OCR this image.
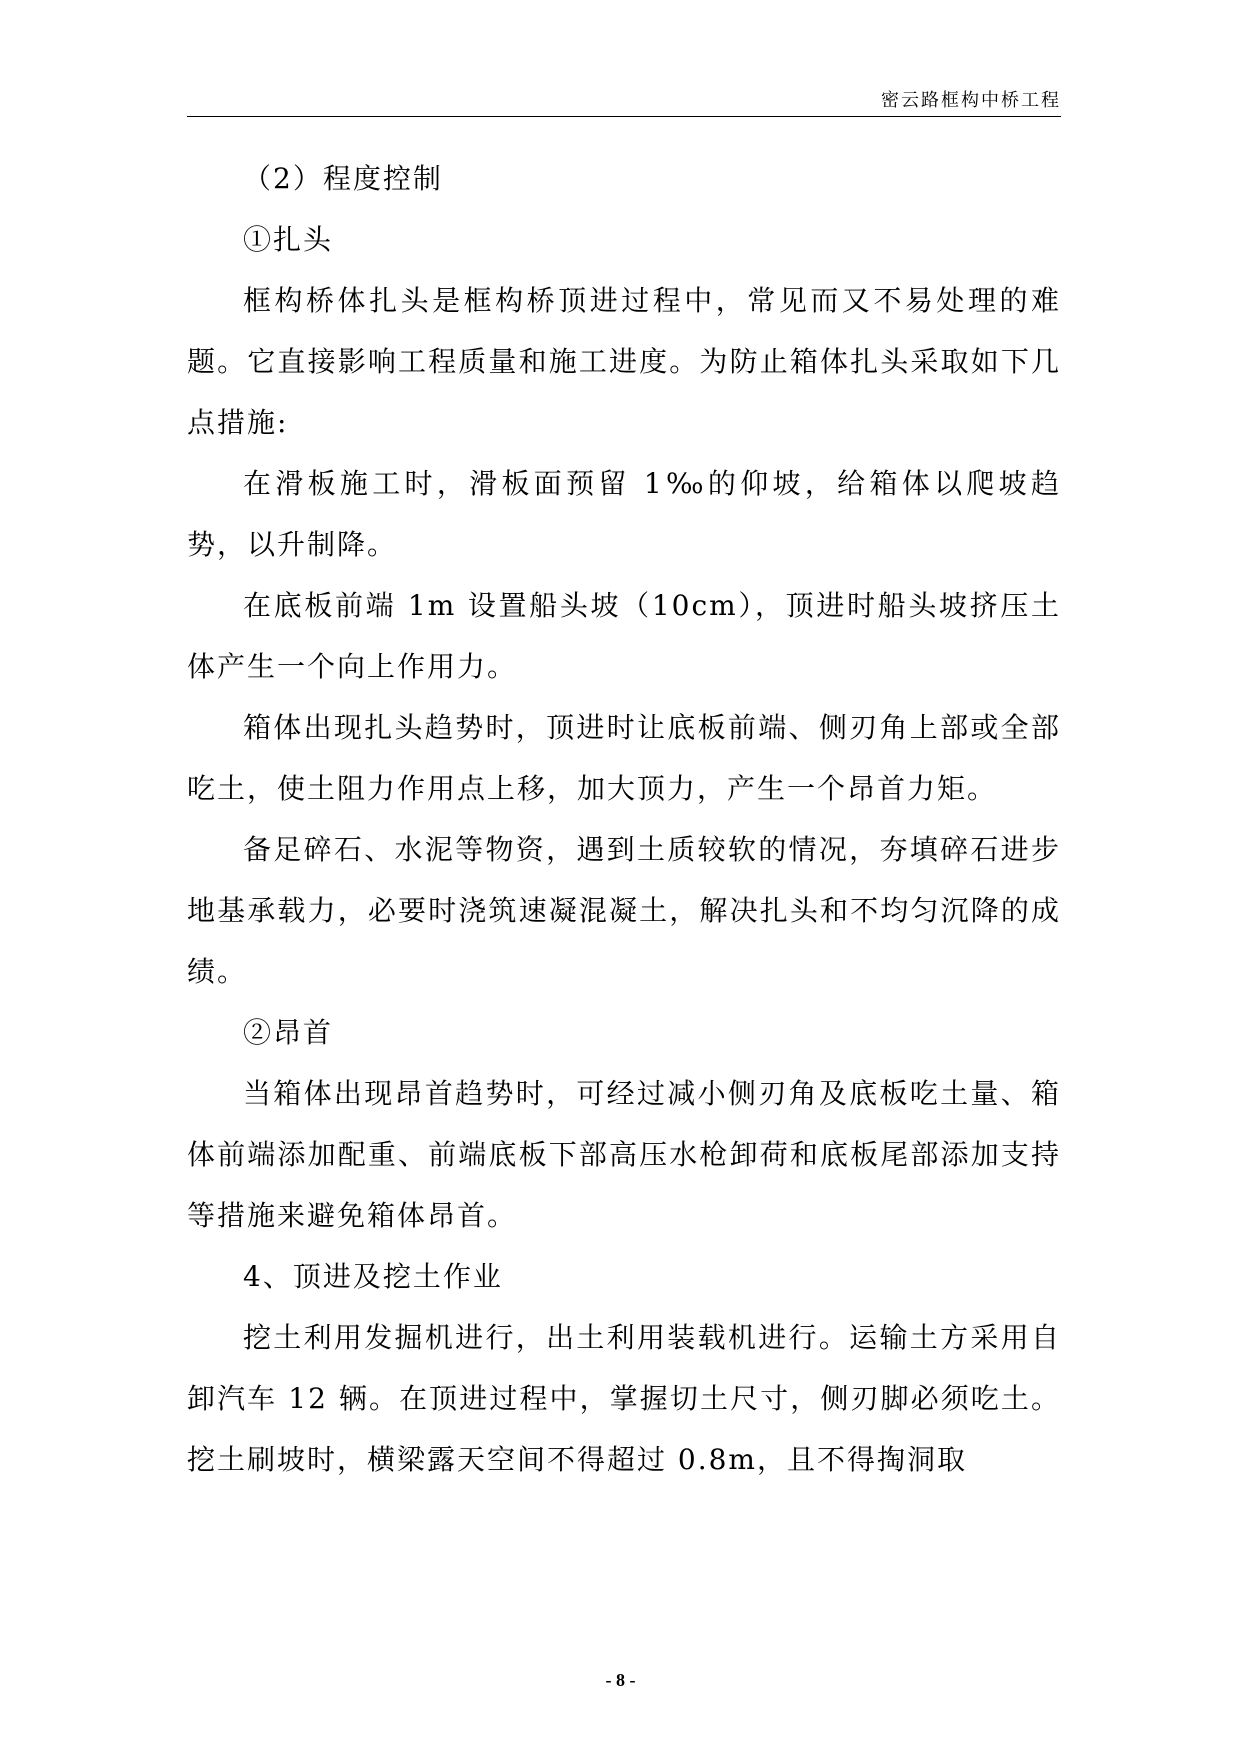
密云路框构中桥工程

（2）程度控制

①扎头

框构桥体扎头是框构桥顶进过程中，常见而又不易处理的难题。它直接影响工程质量和施工进度。为防止箱体扎头采取如下几点措施:

在滑板施工时，滑板面预留 1‰的仰坡，给箱体以爬坡趋势，以升制降。

在底板前端 1m 设置船头坡（10cm），顶进时船头坡挤压土体产生一个向上作用力。

箱体出现扎头趋势时，顶进时让底板前端、侧刃角上部或全部吃土，使土阻力作用点上移，加大顶力，产生一个昂首力矩。

备足碎石、水泥等物资，遇到土质较软的情况，夯填碎石进步地基承载力，必要时浇筑速凝混凝土，解决扎头和不均匀沉降的成绩。

②昂首

当箱体出现昂首趋势时，可经过减小侧刃角及底板吃土量、箱体前端添加配重、前端底板下部高压水枪卸荷和底板尾部添加支持等措施来避免箱体昂首。

4、顶进及挖土作业

挖土利用发掘机进行，出土利用装载机进行。运输土方采用自卸汽车 12 辆。在顶进过程中，掌握切土尺寸，侧刃脚必须吃土。挖土刷坡时，横梁露天空间不得超过 0.8m，且不得掏洞取

- 8 -
